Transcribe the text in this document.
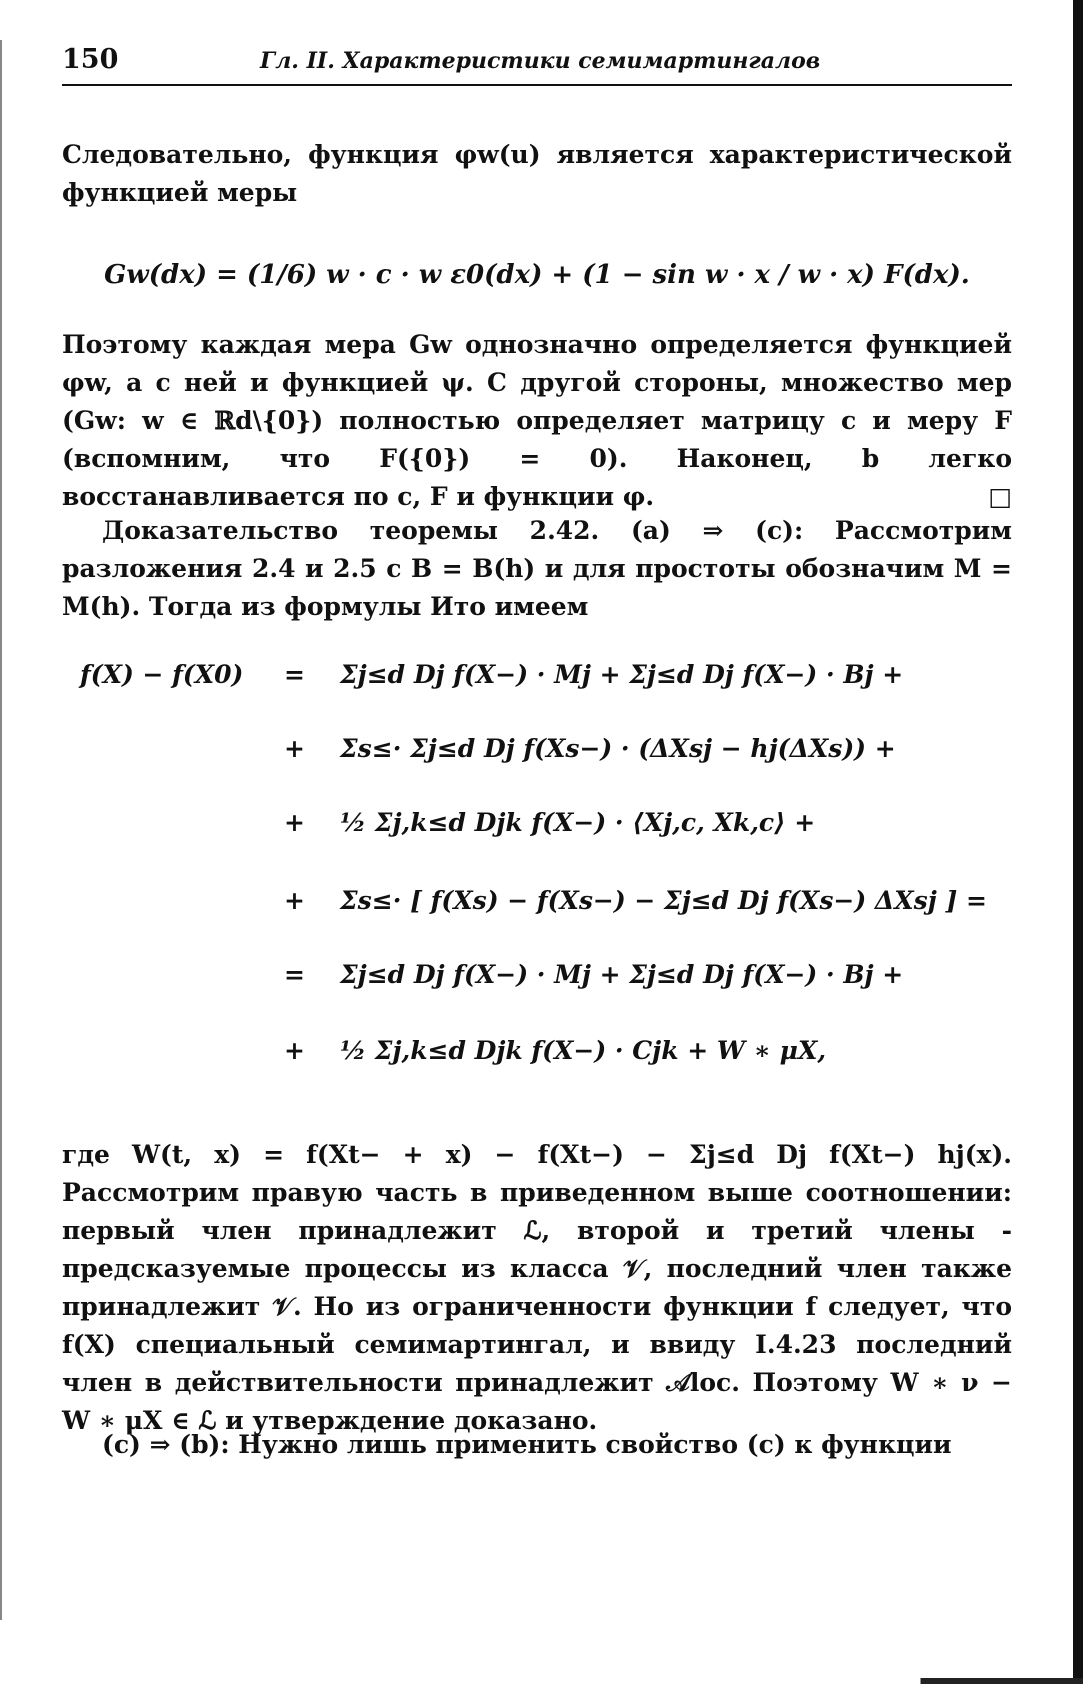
150	Гл. II. Характеристики семимартингалов

Следовательно, функция φw(u) является характеристической функцией меры

Gw(dx) = (1/6) w · c · w ε0(dx) + (1 − sin w · x / w · x) F(dx).

Поэтому каждая мера Gw однозначно определяется функцией φw, а с ней и функцией ψ. С другой стороны, множество мер (Gw: w ∈ ℝd\{0}) полностью определяет матрицу c и меру F (вспомним, что F({0}) = 0). Наконец, b легко восстанавливается по c, F и функции φ.	□

Доказательство теоремы 2.42. (a) ⇒ (c): Рассмотрим разложения 2.4 и 2.5 с B = B(h) и для простоты обозначим M = M(h). Тогда из формулы Ито имеем

f(X) − f(X0) = Σj≤d Dj f(X−) · Mj + Σj≤d Dj f(X−) · Bj +
+ Σs≤· Σj≤d Dj f(Xs−) · (ΔXsj − hj(ΔXs)) +
+ ½ Σj,k≤d Djk f(X−) · ⟨Xj,c, Xk,c⟩ +
+ Σs≤· [ f(Xs) − f(Xs−) − Σj≤d Dj f(Xs−) ΔXsj ] =
= Σj≤d Dj f(X−) · Mj + Σj≤d Dj f(X−) · Bj +
+ ½ Σj,k≤d Djk f(X−) · Cjk + W ∗ μX,

где W(t, x) = f(Xt− + x) − f(Xt−) − Σj≤d Dj f(Xt−) hj(x). Рассмотрим правую часть в приведенном выше соотношении: первый член принадлежит ℒ, второй и третий члены - предсказуемые процессы из класса 𝒱, последний член также принадлежит 𝒱. Но из ограниченности функции f следует, что f(X) специальный семимартингал, и ввиду I.4.23 последний член в действительности принадлежит 𝒜loc. Поэтому W ∗ ν − W ∗ μX ∈ ℒ и утверждение доказано.

(c) ⇒ (b): Нужно лишь применить свойство (c) к функции
